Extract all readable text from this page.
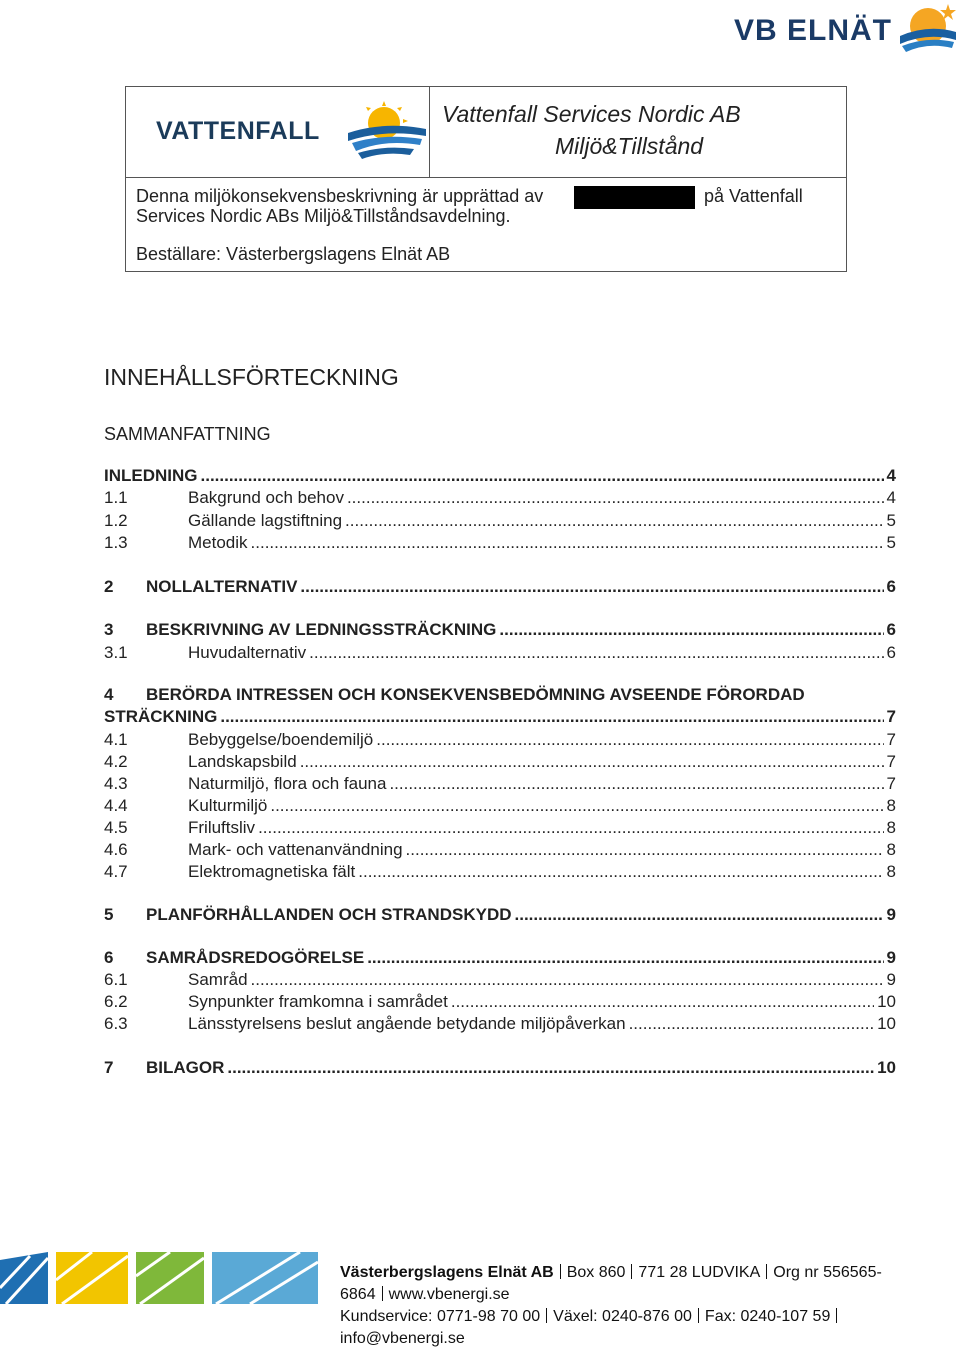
VB ELNÄT
VATTENFALL
Vattenfall Services Nordic AB
Miljö&Tillstånd
Denna miljökonsekvensbeskrivning är upprättad av	på Vattenfall
Services Nordic ABs Miljö&Tillståndsavdelning.
Beställare: Västerbergslagens Elnät AB
INNEHÅLLSFÖRTECKNING
SAMMANFATTNING
INLEDNING .....	4
1.1	Bakgrund och behov .....	4
1.2	Gällande lagstiftning .....	5
1.3	Metodik .....	5
2 NOLLALTERNATIV .....	6
3 BESKRIVNING AV LEDNINGSSTRÄCKNING .....	6
3.1	Huvudalternativ .....	6
4 BERÖRDA INTRESSEN OCH KONSEKVENSBEDÖMNING AVSEENDE FÖRORDAD
STRÄCKNING .....	7
4.1	Bebyggelse/boendemiljö .....	7
4.2	Landskapsbild .....	7
4.3	Naturmiljö, flora och fauna .....	7
4.4	Kulturmiljö .....	8
4.5	Friluftsliv .....	8
4.6	Mark- och vattenanvändning .....	8
4.7	Elektromagnetiska fält .....	8
5 PLANFÖRHÅLLANDEN OCH STRANDSKYDD .....	9
6 SAMRÅDSREDOGÖRELSE .....	9
6.1	Samråd .....	9
6.2	Synpunkter framkomna i samrådet .....	10
6.3	Länsstyrelsens beslut angående betydande miljöpåverkan .....	10
7 BILAGOR .....	10
Västerbergslagens Elnät AB Box 860 771 28 LUDVIKA Org nr 556565-
6864 www.vbenergi.se
Kundservice: 0771-98 70 00 Växel: 0240-876 00 Fax: 0240-107 59
info@vbenergi.se
